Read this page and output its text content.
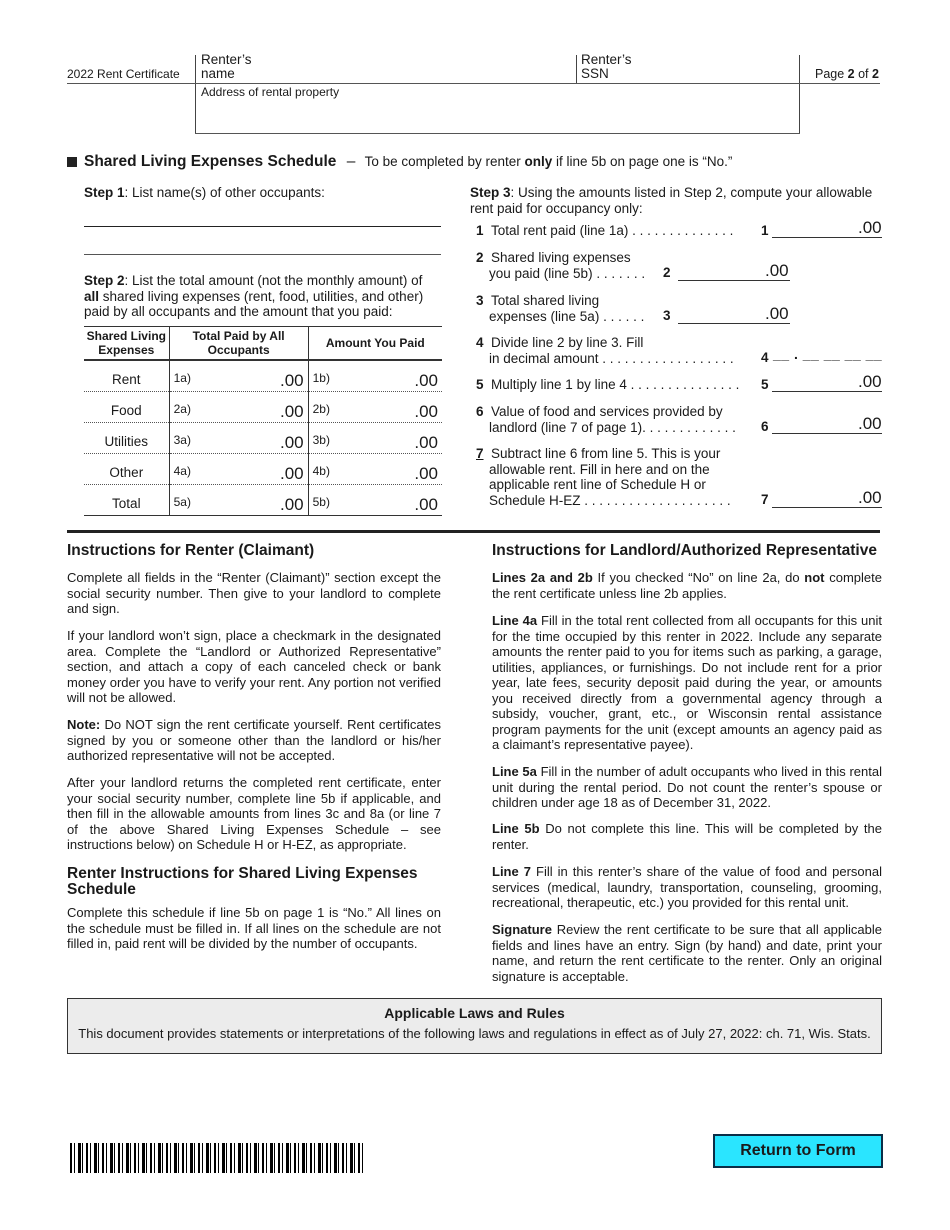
2022 Rent Certificate
Renter’s
name
Renter’s
SSN	Page 2 of 2
Address of rental property
Shared Living Expenses Schedule – To be completed by renter only if line 5b on page one is “No.”
Step 1: List name(s) of other occupants:
Step 2: List the total amount (not the monthly amount) of
all shared living expenses (rent, food, utilities, and other)
paid by all occupants and the amount that you paid:
Shared Living Expenses	Total Paid by All Occupants	Amount You Paid
Rent	1a) .00	1b) .00

Food	2a) .00	2b) .00

Utilities	3a) .00	3b) .00

Other	4a) .00	4b) .00

Total	5a) .00	5b) .00
Step 3: Using the amounts listed in Step 2, compute your allowable
rent paid for occupancy only:
1 Total rent paid (line 1a) . . . . . . . . . . . . . . 1	.00
2 Shared living expenses
you paid (line 5b) . . . . . . . 2	.00
3 Total shared living
expenses (line 5a) . . . . . . 3	.00
4 Divide line 2 by line 3. Fill
in decimal amount . . . . . . . . . . . . . . . . . . 4 __ . __ __ __ __
5 Multiply line 1 by line 4 . . . . . . . . . . . . . . . 5	.00
6 Value of food and services provided by
landlord (line 7 of page 1). . . . . . . . . . . . . 6	.00
7 Subtract line 6 from line 5. This is your
allowable rent. Fill in here and on the
applicable rent line of Schedule H or
Schedule H-EZ . . . . . . . . . . . . . . . . . . . . 7	.00
Instructions for Renter (Claimant)
Complete all fields in the “Renter (Claimant)” section except the social security number. Then give to your landlord to complete and sign.
If your landlord won’t sign, place a checkmark in the designated area. Complete the “Landlord or Authorized Representative” section, and attach a copy of each canceled check or bank money order you have to verify your rent. Any portion not verified will not be allowed.
Note: Do NOT sign the rent certificate yourself. Rent certificates signed by you or someone other than the landlord or his/her authorized representative will not be accepted.
After your landlord returns the completed rent certificate, enter your social security number, complete line 5b if applicable, and then fill in the allowable amounts from lines 3c and 8a (or line 7 of the above Shared Living Expenses Schedule – see instructions below) on Schedule H or H-EZ, as appropriate.
Renter Instructions for Shared Living Expenses Schedule
Complete this schedule if line 5b on page 1 is “No.” All lines on the schedule must be filled in. If all lines on the schedule are not filled in, paid rent will be divided by the number of occupants.
Instructions for Landlord/Authorized Representative
Lines 2a and 2b If you checked “No” on line 2a, do not complete the rent certificate unless line 2b applies.
Line 4a Fill in the total rent collected from all occupants for this unit for the time occupied by this renter in 2022. Include any separate amounts the renter paid to you for items such as parking, a garage, utilities, appliances, or furnishings. Do not include rent for a prior year, late fees, security deposit paid during the year, or amounts you received directly from a governmental agency through a subsidy, voucher, grant, etc., or Wisconsin rental assistance program payments for the unit (except amounts an agency paid as a claimant’s representative payee).
Line 5a Fill in the number of adult occupants who lived in this rental unit during the rental period. Do not count the renter’s spouse or children under age 18 as of December 31, 2022.
Line 5b Do not complete this line. This will be completed by the renter.
Line 7 Fill in this renter’s share of the value of food and personal services (medical, laundry, transportation, counseling, grooming, recreational, therapeutic, etc.) you provided for this rental unit.
Signature Review the rent certificate to be sure that all applicable fields and lines have an entry. Sign (by hand) and date, print your name, and return the rent certificate to the renter. Only an original signature is acceptable.
Applicable Laws and Rules
This document provides statements or interpretations of the following laws and regulations in effect as of July 27, 2022: ch. 71, Wis. Stats.
Return to Form
